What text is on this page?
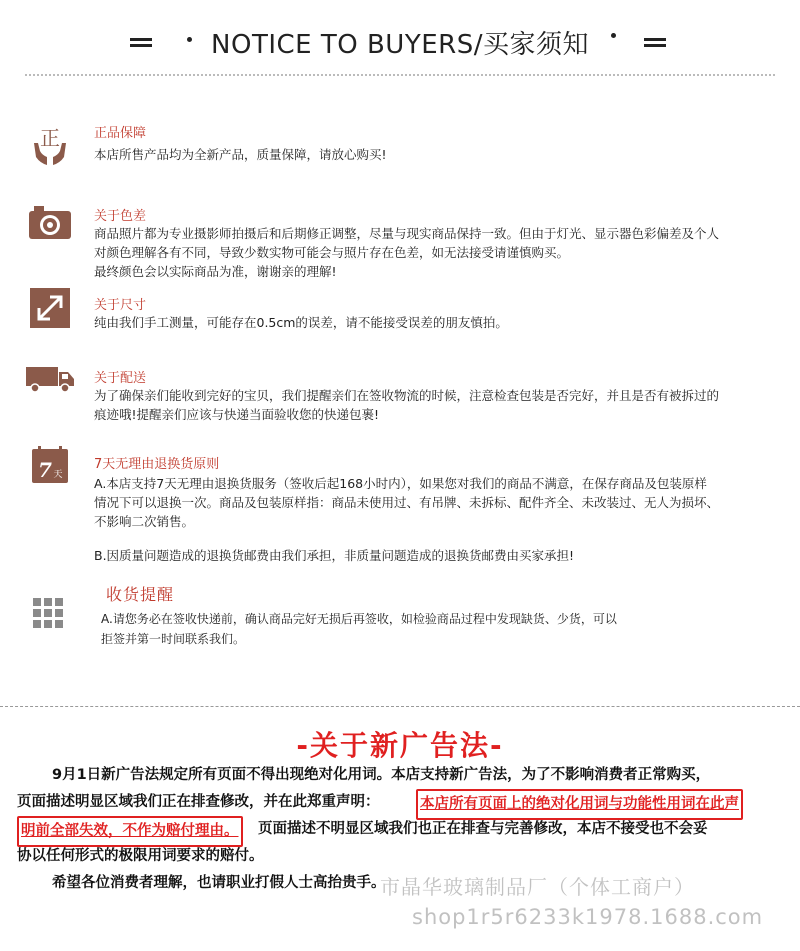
NOTICE TO BUYERS/买家须知
正	正品保障
本店所售产品均为全新产品，质量保障，请放心购买!
关于色差
商品照片都为专业摄影师拍摄后和后期修正调整，尽量与现实商品保持一致。但由于灯光、显示器色彩偏差及个人
对颜色理解各有不同，导致少数实物可能会与照片存在色差，如无法接受请谨慎购买。
最终颜色会以实际商品为准，谢谢亲的理解!
关于尺寸
纯由我们手工测量，可能存在0.5cm的误差，请不能接受误差的朋友慎拍。
关于配送
为了确保亲们能收到完好的宝贝，我们提醒亲们在签收物流的时候，注意检查包装是否完好，并且是否有被拆过的
痕迹哦!提醒亲们应该与快递当面验收您的快递包裹!
7 天
7天无理由退换货原则
A.本店支持7天无理由退换货服务（签收后起168小时内），如果您对我们的商品不满意，在保存商品及包装原样
情况下可以退换一次。商品及包装原样指：商品未使用过、有吊牌、未拆标、配件齐全、未改装过、无人为损坏、
不影响二次销售。
B.因质量问题造成的退换货邮费由我们承担，非质量问题造成的退换货邮费由买家承担!
收货提醒
A.请您务必在签收快递前，确认商品完好无损后再签收，如检验商品过程中发现缺货、少货，可以
拒签并第一时间联系我们。
-关于新广告法-
9月1日新广告法规定所有页面不得出现绝对化用词。本店支持新广告法，为了不影响消费者正常购买，
页面描述明显区域我们正在排查修改，并在此郑重声明：	本店所有页面上的绝对化用词与功能性用词在此声
明前全部失效，不作为赔付理由。 页面描述不明显区域我们也正在排查与完善修改，本店不接受也不会妥
协以任何形式的极限用词要求的赔付。
希望各位消费者理解，也请职业打假人士高抬贵手。
市晶华玻璃制品厂（个体工商户）
shop1r5r6233k1978.1688.com
